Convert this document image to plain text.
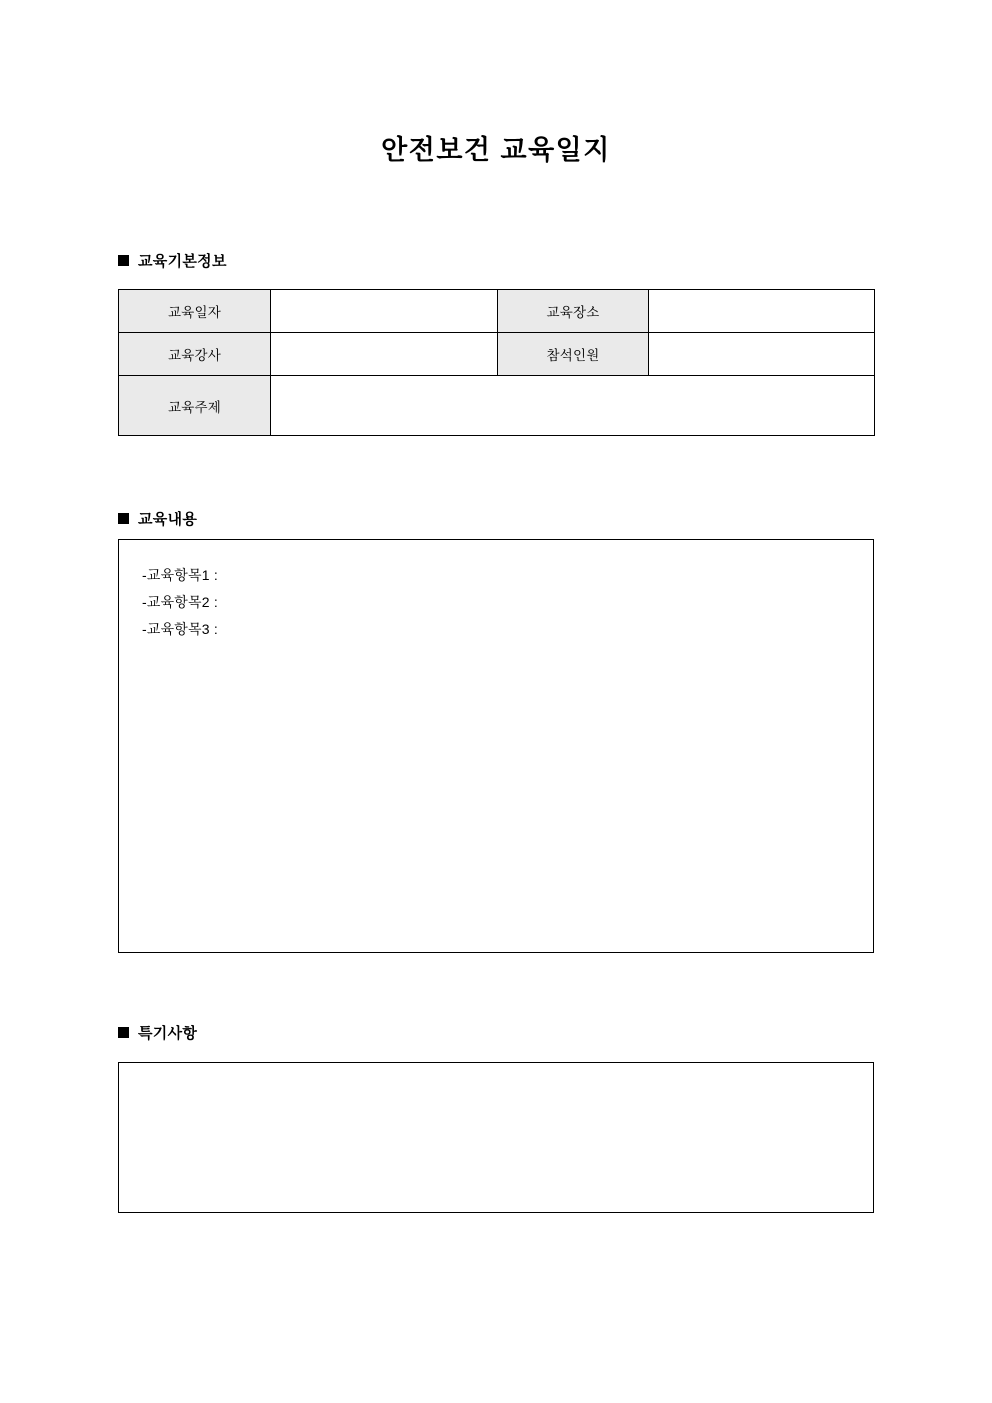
안전보건 교육일지
교육기본정보
교육일자		교육장소	
교육강사		참석인원	
교육주제			
교육내용
-교육항목1 :
-교육항목2 :
-교육항목3 :
특기사항
